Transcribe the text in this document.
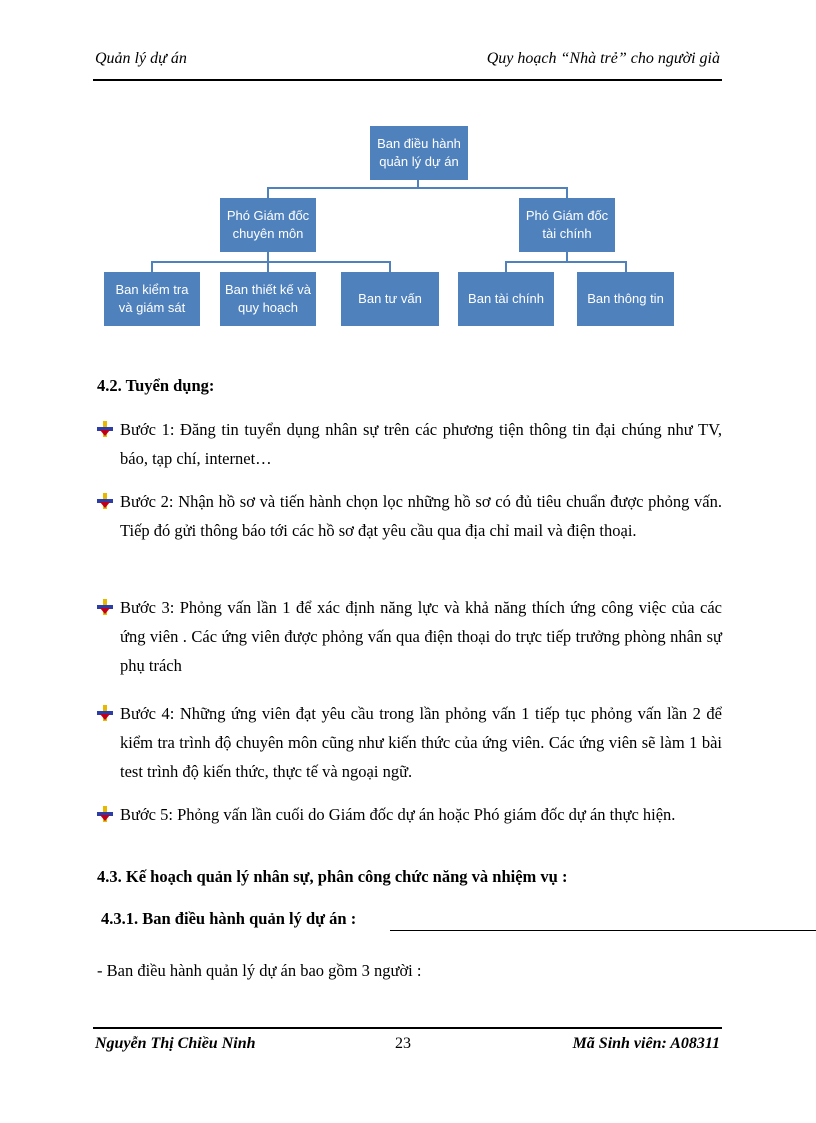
Quản lý dự án	Quy hoạch “Nhà trẻ” cho người già
Ban điều hành quản lý dự án
Phó Giám đốc chuyên môn
Phó Giám đốc tài chính
Ban kiểm tra và giám sát
Ban thiết kế và quy hoạch
Ban tư vấn	Ban tài chính	Ban thông tin
4.2. Tuyển dụng:

Bước 1: Đăng tin tuyển dụng nhân sự trên các phương tiện thông tin đại chúng như TV, báo, tạp chí, internet…

Bước 2: Nhận hồ sơ và tiến hành chọn lọc những hồ sơ có đủ tiêu chuẩn được phỏng vấn. Tiếp đó gửi thông báo tới các hồ sơ đạt yêu cầu qua địa chỉ mail và điện thoại.

Bước 3: Phỏng vấn lần 1 để xác định năng lực và khả năng thích ứng công việc của các ứng viên . Các ứng viên được phỏng vấn qua điện thoại do trực tiếp trưởng phòng nhân sự phụ trách

Bước 4: Những ứng viên đạt yêu cầu trong lần phỏng vấn 1 tiếp tục phỏng vấn lần 2 để kiểm tra trình độ chuyên môn cũng như kiến thức của ứng viên. Các ứng viên sẽ làm 1 bài test trình độ kiến thức, thực tế và ngoại ngữ.

Bước 5: Phỏng vấn lần cuối do Giám đốc dự án hoặc Phó giám đốc dự án thực hiện.

4.3. Kế hoạch quản lý nhân sự, phân công chức năng và nhiệm vụ :
4.3.1. Ban điều hành quản lý dự án :
- Ban điều hành quản lý dự án bao gồm 3 người :
Nguyễn Thị Chiều Ninh	23	Mã Sinh viên: A08311
